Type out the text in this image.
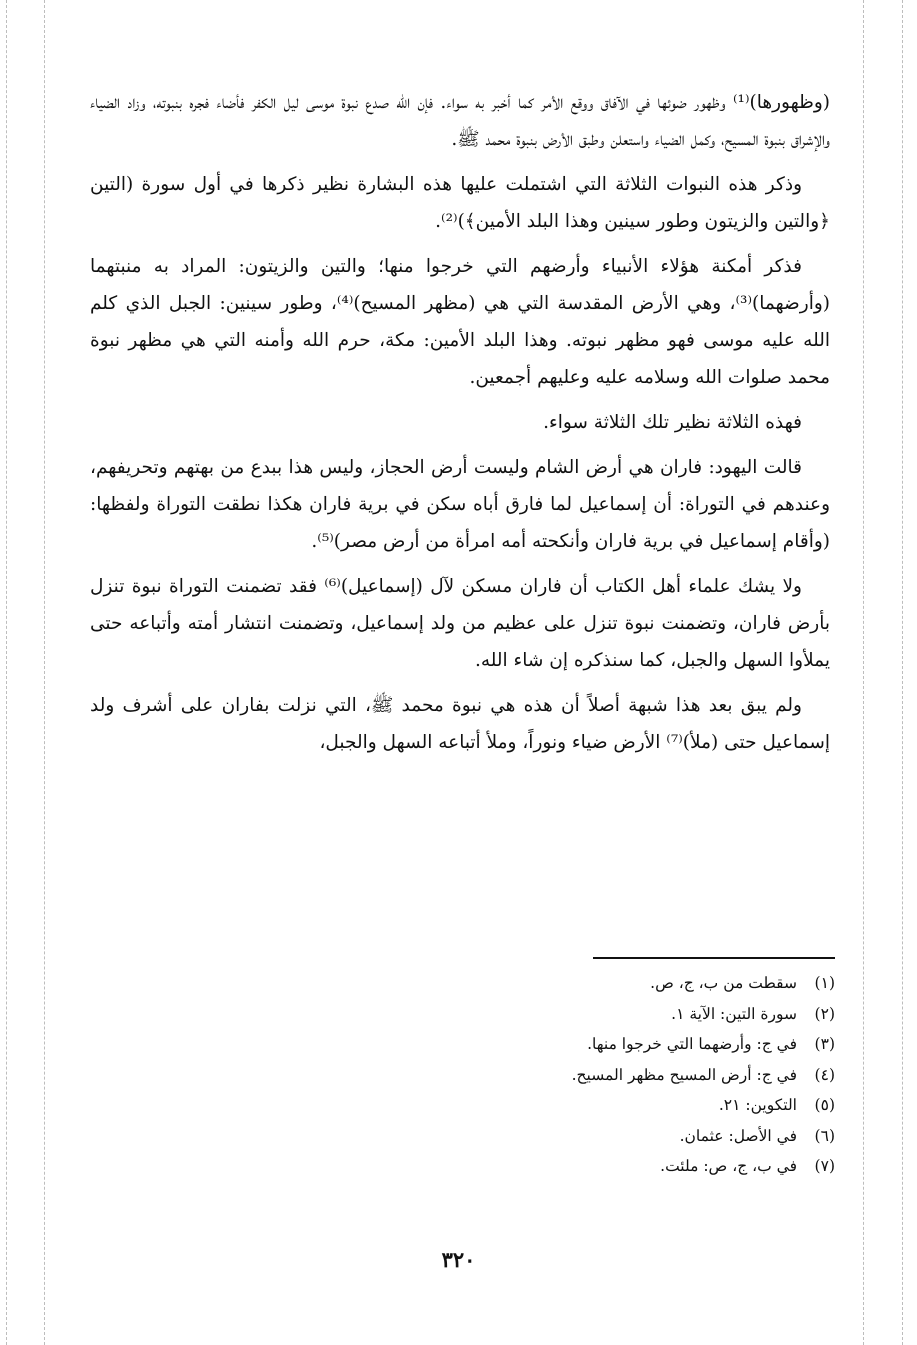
(وظهورها)⁽¹⁾ وظهور ضوئها في الآفاق ووقع الأمر كما أخبر به سواء. فإن الله صدع نبوة موسى ليل الكفر فأضاء فجره بنبوته، وزاد الضياء والإشراق بنبوة المسيح، وكمل الضياء واستعلن وطبق الأرض بنبوة محمد ﷺ.

وذكر هذه النبوات الثلاثة التي اشتملت عليها هذه البشارة نظير ذكرها في أول سورة (التين ﴿والتين والزيتون وطور سينين وهذا البلد الأمين﴾)⁽²⁾.

فذكر أمكنة هؤلاء الأنبياء وأرضهم التي خرجوا منها؛ والتين والزيتون: المراد به منبتهما (وأرضهما)⁽³⁾، وهي الأرض المقدسة التي هي (مظهر المسيح)⁽⁴⁾، وطور سينين: الجبل الذي كلم الله عليه موسى فهو مظهر نبوته. وهذا البلد الأمين: مكة، حرم الله وأمنه التي هي مظهر نبوة محمد صلوات الله وسلامه عليه وعليهم أجمعين.

فهذه الثلاثة نظير تلك الثلاثة سواء.

قالت اليهود: فاران هي أرض الشام وليست أرض الحجاز، وليس هذا ببدع من بهتهم وتحريفهم، وعندهم في التوراة: أن إسماعيل لما فارق أباه سكن في برية فاران هكذا نطقت التوراة ولفظها: (وأقام إسماعيل في برية فاران وأنكحته أمه امرأة من أرض مصر)⁽⁵⁾.

ولا يشك علماء أهل الكتاب أن فاران مسكن لآل (إسماعيل)⁽⁶⁾ فقد تضمنت التوراة نبوة تنزل بأرض فاران، وتضمنت نبوة تنزل على عظيم من ولد إسماعيل، وتضمنت انتشار أمته وأتباعه حتى يملأوا السهل والجبل، كما سنذكره إن شاء الله.

ولم يبق بعد هذا شبهة أصلاً أن هذه هي نبوة محمد ﷺ، التي نزلت بفاران على أشرف ولد إسماعيل حتى (ملأ)⁽⁷⁾ الأرض ضياء ونوراً، وملأ أتباعه السهل والجبل،

(١)سقطت من ب، ج، ص.
(٢)سورة التين: الآية ١.
(٣)في ج: وأرضهما التي خرجوا منها.
(٤)في ج: أرض المسيح مظهر المسيح.
(٥)التكوين: ٢١.
(٦)في الأصل: عثمان.
(٧)في ب، ج، ص: ملئت.
٣٢٠
